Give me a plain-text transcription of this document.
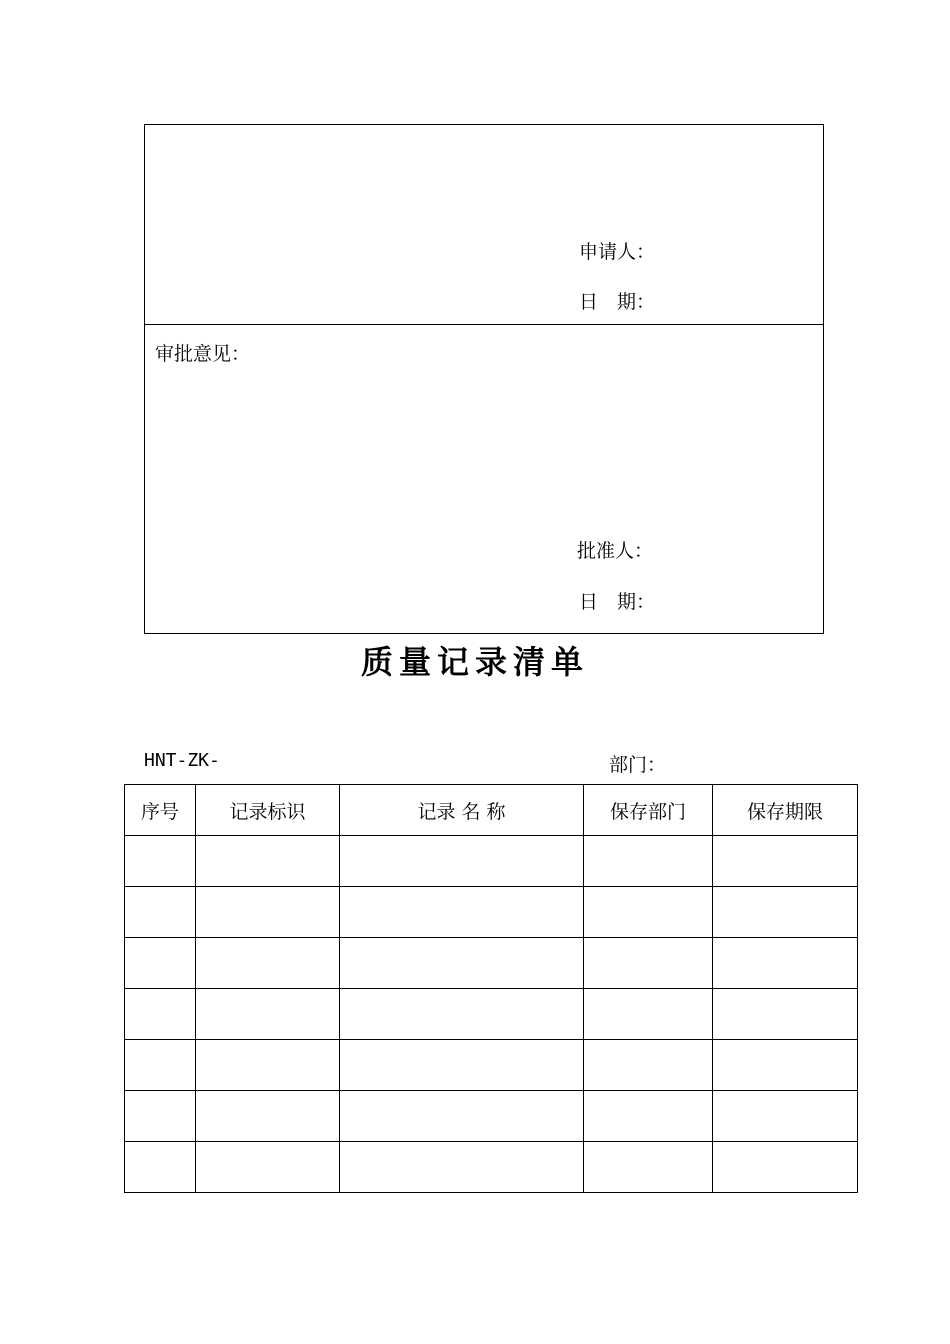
申请人：
日　期：
审批意见：
批准人：
日　期：
质量记录清单
HNT-ZK-	部门：
序号	记录标识	记录 名 称	保存部门	保存期限
